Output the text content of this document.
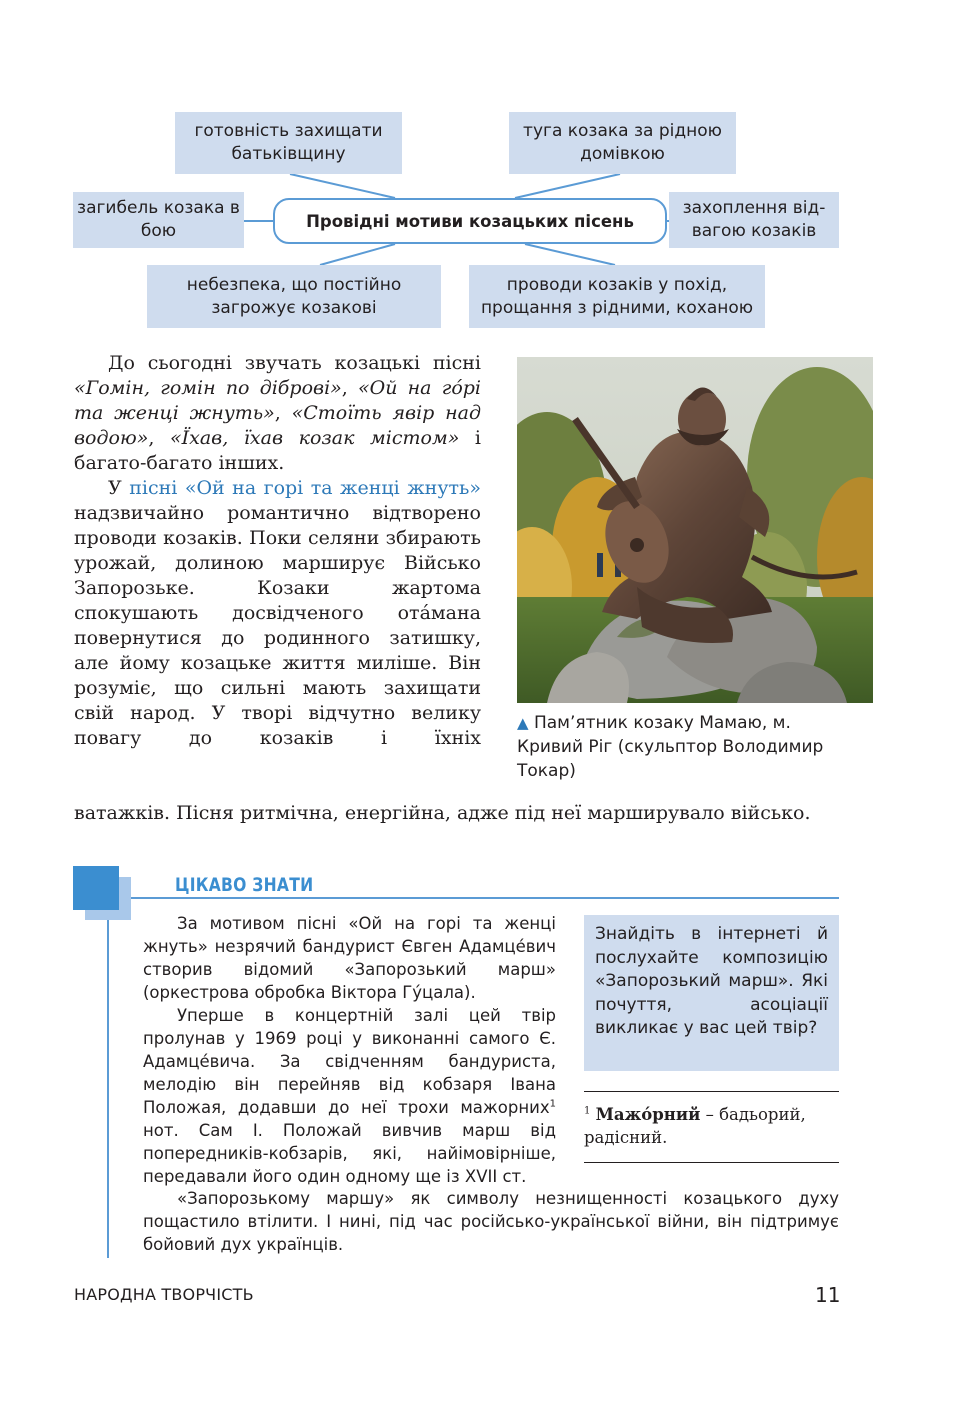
готовність захищати батьківщину
туга козака за рідною домівкою
загибель козака в бою
захоплення від-вагою козаків
небезпека, що постійно загрожує козакові
проводи козаків у похід, прощання з рідними, коханою
Провідні мотиви козацьких пісень

До сьогодні звучать козацькі пісні «Гомін, гомін по діброві», «Ой на го́рі та женці жнуть», «Стоїть явір над водою», «Їхав, їхав козак містом» і багато-багато інших.

У пісні «Ой на горі та женці жнуть» надзвичайно романтично відтворено проводи козаків. Поки селяни збирають урожай, долиною марширує Військо Запорозьке. Козаки жартома спокушають досвідченого ота́мана повернутися до родинного затишку, але йому козацьке життя миліше. Він розуміє, що сильні мають захищати свій народ. У творі відчутно велику повагу до козаків і їхніх

ватажків. Пісня ритмічна, енергійна, адже під неї марширувало військо.

▲ Пам’ятник козаку Мамаю, м. Кривий Ріг (скульптор Володимир Токар)
ЦІКАВО ЗНАТИ

За мотивом пісні «Ой на горі та женці жнуть» незрячий бандурист Євген Адамце́вич створив відомий «Запорозький марш» (оркестрова обробка Віктора Гу́цала).

Уперше в концертній залі цей твір пролунав у 1969 році у виконанні самого Є. Адамце́вича. За свідченням бандуриста, мелодію він перейняв від кобзаря Івана Положая, додавши до неї трохи мажорних$^1$ нот. Сам І. Положай вивчив марш від попередників-кобзарів, які, найімовірніше, передавали його один одному ще із XVII ст.

«Запорозькому маршу» як символу незнищенності козацького духу пощастило втілити. І нині, під час російсько-української війни, він підтримує бойовий дух українців.

Знайдіть в інтернеті й послухайте композицію «Запорозький марш». Які почуття, асоціації викликає у вас цей твір?
$^1$ Мажо́рний – бадьорий, радісний.
НАРОДНА ТВОРЧІСТЬ	11
